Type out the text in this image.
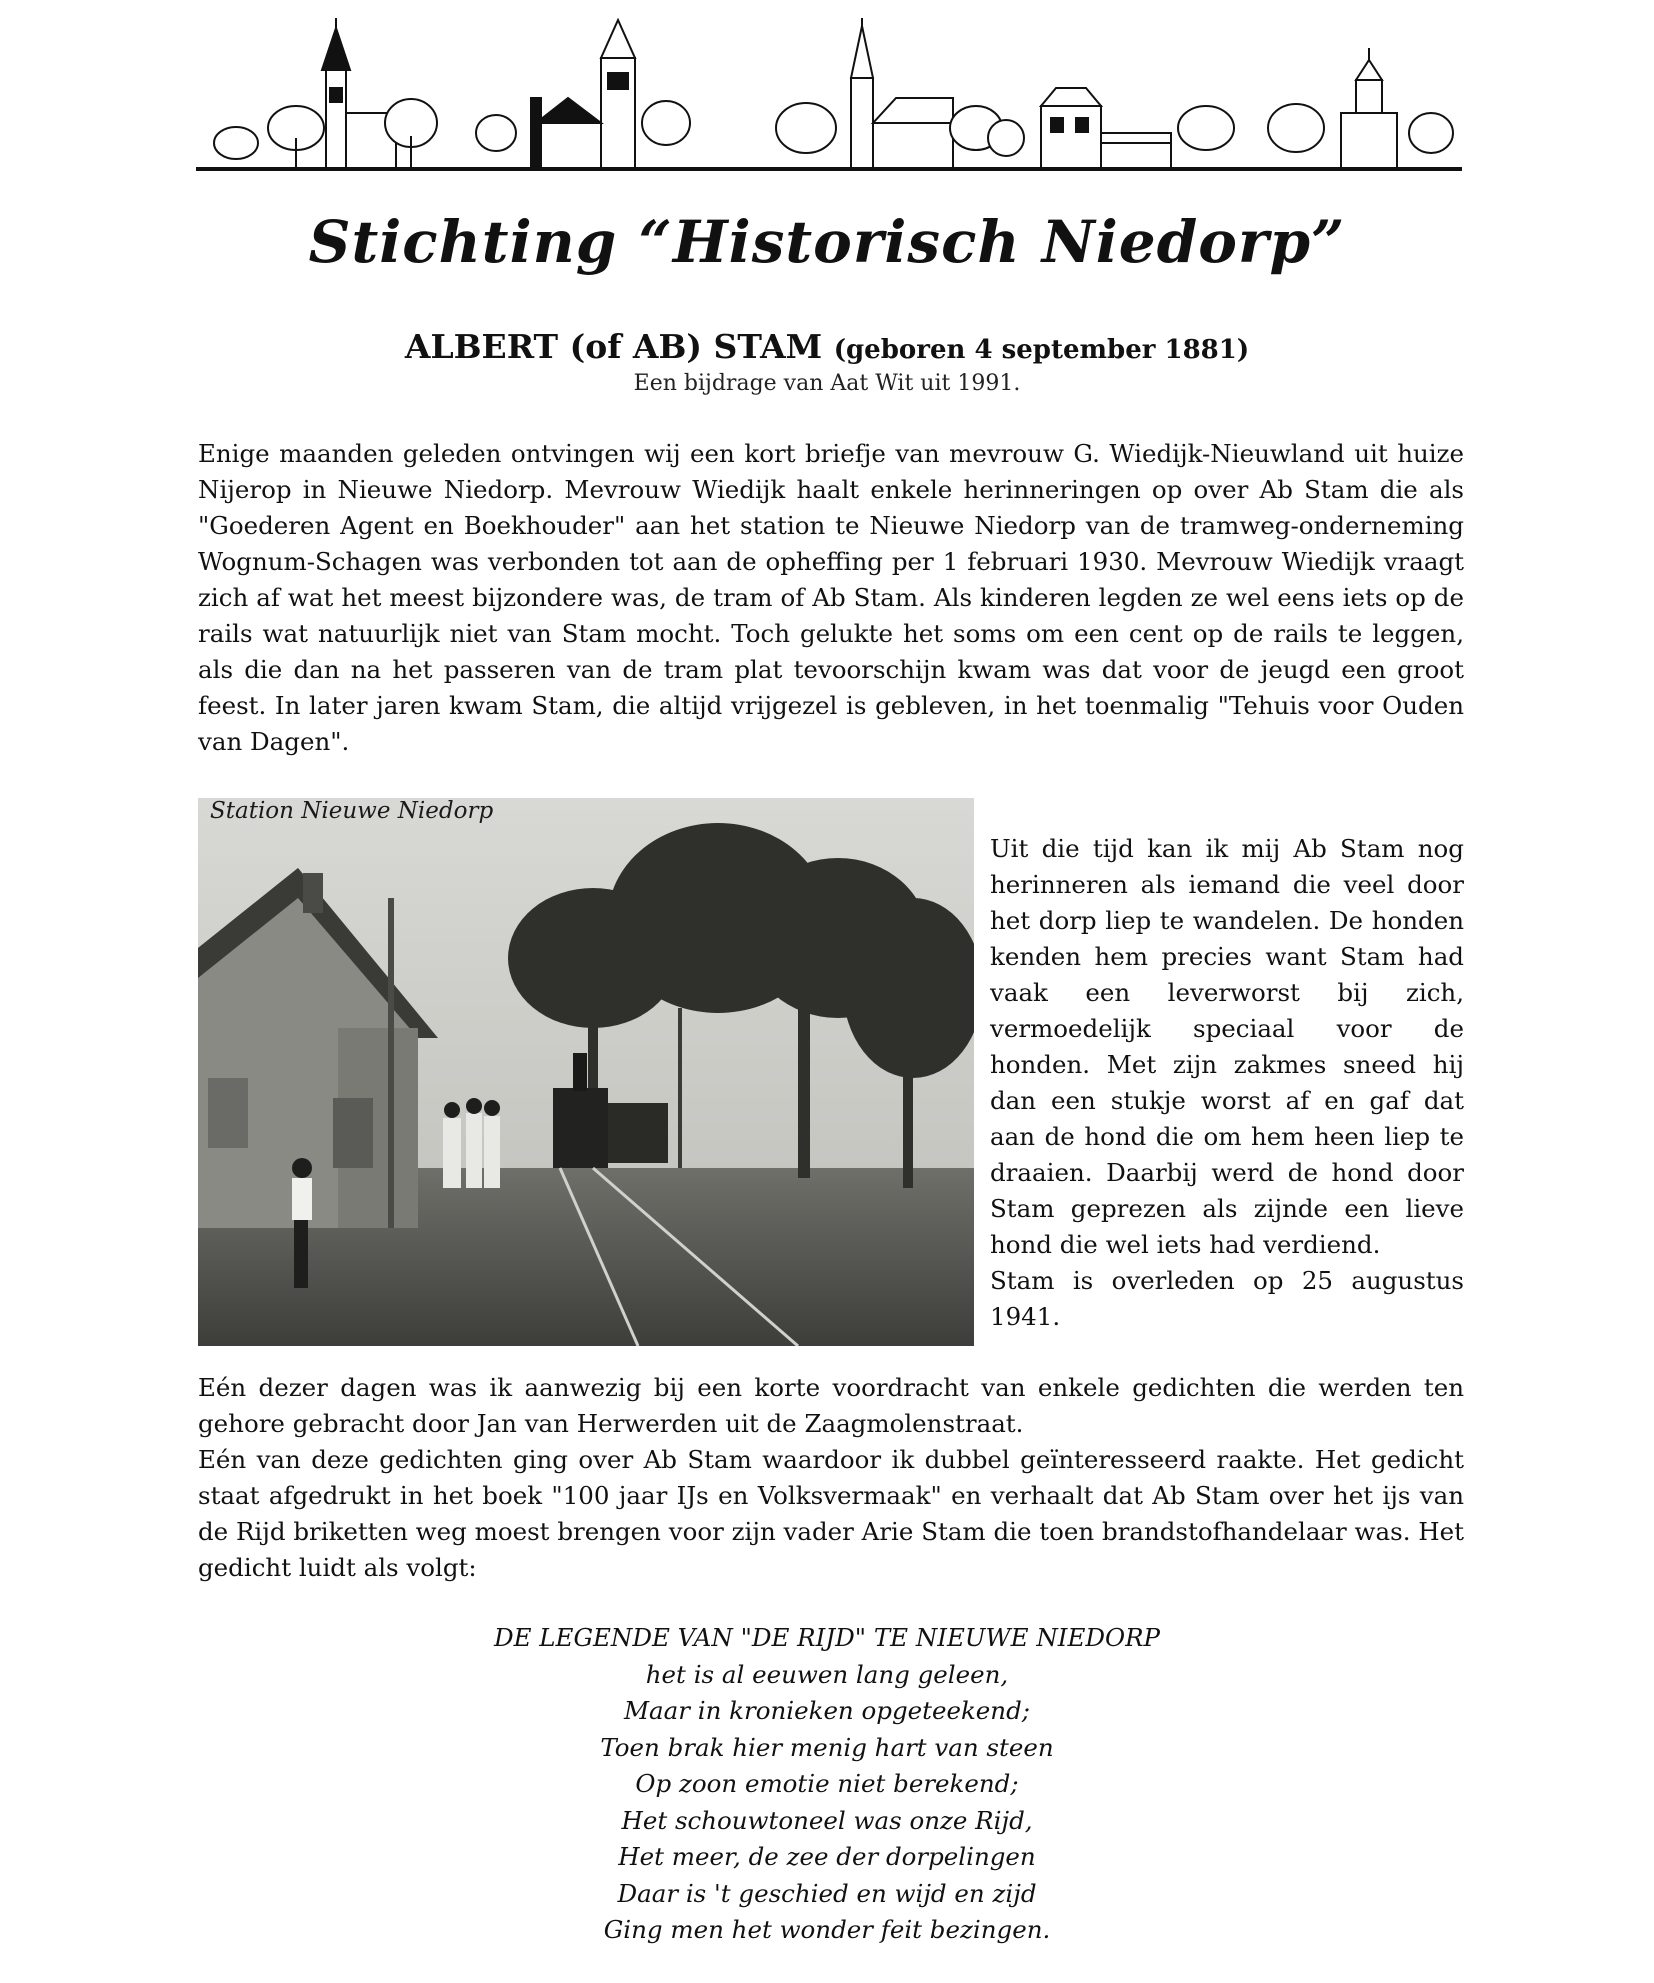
Stichting “Historisch Niedorp”
ALBERT (of AB) STAM (geboren 4 september 1881)
Een bijdrage van Aat Wit uit 1991.
Enige maanden geleden ontvingen wij een kort briefje van mevrouw G. Wiedijk-Nieuwland uit huize Nijerop in Nieuwe Niedorp. Mevrouw Wiedijk haalt enkele herinneringen op over Ab Stam die als "Goederen Agent en Boekhouder" aan het station te Nieuwe Niedorp van de tramweg-onderneming Wognum-Schagen was verbonden tot aan de opheffing per 1 februari 1930. Mevrouw Wiedijk vraagt zich af wat het meest bijzondere was, de tram of Ab Stam. Als kinderen legden ze wel eens iets op de rails wat natuurlijk niet van Stam mocht. Toch gelukte het soms om een cent op de rails te leggen, als die dan na het passeren van de tram plat tevoorschijn kwam was dat voor de jeugd een groot feest. In later jaren kwam Stam, die altijd vrijgezel is gebleven, in het toenmalig "Tehuis voor Ouden van Dagen".
Station Nieuwe Niedorp
Uit die tijd kan ik mij Ab Stam nog herinneren als iemand die veel door het dorp liep te wandelen. De honden kenden hem precies want Stam had vaak een leverworst bij zich, vermoedelijk speciaal voor de honden. Met zijn zakmes sneed hij dan een stukje worst af en gaf dat aan de hond die om hem heen liep te draaien. Daarbij werd de hond door Stam geprezen als zijnde een lieve hond die wel iets had verdiend.
Stam is overleden op 25 augustus 1941.
Eén dezer dagen was ik aanwezig bij een korte voordracht van enkele gedichten die werden ten gehore gebracht door Jan van Herwerden uit de Zaagmolenstraat.
Eén van deze gedichten ging over Ab Stam waardoor ik dubbel geïnteresseerd raakte. Het gedicht staat afgedrukt in het boek "100 jaar IJs en Volksvermaak" en verhaalt dat Ab Stam over het ijs van de Rijd briketten weg moest brengen voor zijn vader Arie Stam die toen brandstofhandelaar was. Het gedicht luidt als volgt:
DE LEGENDE VAN "DE RIJD" TE NIEUWE NIEDORP
het is al eeuwen lang geleen,
Maar in kronieken opgeteekend;
Toen brak hier menig hart van steen
Op zoon emotie niet berekend;
Het schouwtoneel was onze Rijd,
Het meer, de zee der dorpelingen
Daar is 't geschied en wijd en zijd
Ging men het wonder feit bezingen.
